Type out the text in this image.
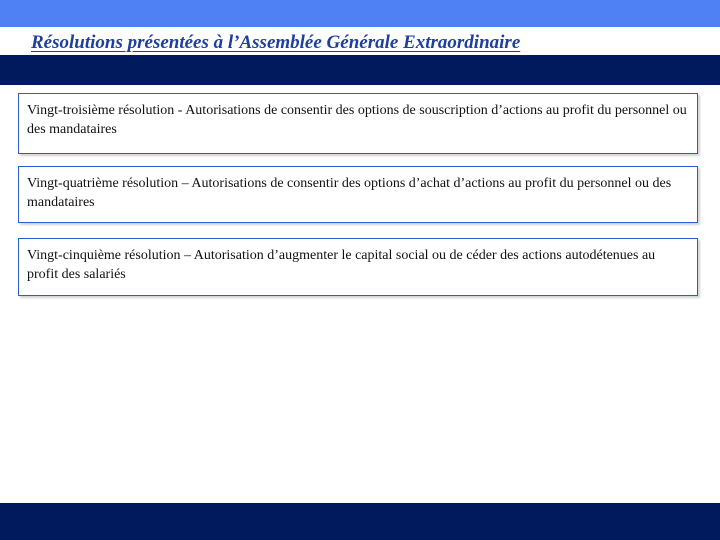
Résolutions présentées à l’Assemblée Générale Extraordinaire
Vingt-troisième résolution - Autorisations de consentir des options de souscription d’actions au profit du personnel ou des mandataires
Vingt-quatrième résolution – Autorisations de consentir des options d’achat d’actions au profit du personnel ou des mandataires
Vingt-cinquième résolution – Autorisation d’augmenter le capital social ou de céder des actions autodétenues au profit des salariés
